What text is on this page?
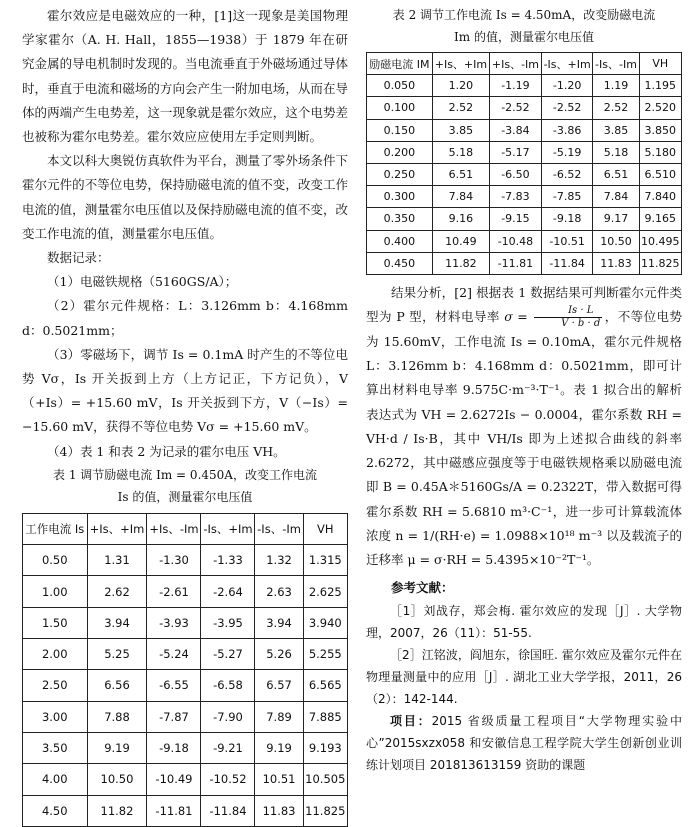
霍尔效应是电磁效应的一种，[1]这一现象是美国物理学家霍尔（A. H. Hall，1855—1938）于 1879 年在研究金属的导电机制时发现的。当电流垂直于外磁场通过导体时，垂直于电流和磁场的方向会产生一附加电场，从而在导体的两端产生电势差，这一现象就是霍尔效应，这个电势差也被称为霍尔电势差。霍尔效应应使用左手定则判断。

本文以科大奥锐仿真软件为平台，测量了零外场条件下霍尔元件的不等位电势，保持励磁电流的值不变，改变工作电流的值，测量霍尔电压值以及保持励磁电流的值不变，改变工作电流的值，测量霍尔电压值。

数据记录：

（1）电磁铁规格（5160GS/A）；

（2）霍尔元件规格：L：3.126mm b：4.168mm d：0.5021mm；

（3）零磁场下，调节 Is = 0.1mA 时产生的不等位电势 Vσ，Is 开关扳到上方（上方记正，下方记负），V（+Is）= +15.60 mV，Is 开关扳到下方，V（−Is）= −15.60 mV，获得不等位电势 Vσ = +15.60 mV。

（4）表 1 和表 2 为记录的霍尔电压 VH。

表 1 调节励磁电流 Im = 0.450A，改变工作电流

Is 的值，测量霍尔电压值

工作电流 Is	+Is、+Im	+Is、-Im	-Is、+Im	-Is、-Im	VH
0.50	1.31	-1.30	-1.33	1.32	1.315
1.00	2.62	-2.61	-2.64	2.63	2.625
1.50	3.94	-3.93	-3.95	3.94	3.940
2.00	5.25	-5.24	-5.27	5.26	5.255
2.50	6.56	-6.55	-6.58	6.57	6.565
3.00	7.88	-7.87	-7.90	7.89	7.885
3.50	9.19	-9.18	-9.21	9.19	9.193
4.00	10.50	-10.49	-10.52	10.51	10.505
4.50	11.82	-11.81	-11.84	11.83	11.825

表 2 调节工作电流 Is = 4.50mA，改变励磁电流

Im 的值，测量霍尔电压值

励磁电流 IM	+Is、+Im	+Is、-Im	-Is、+Im	-Is、-Im	VH
0.050	1.20	-1.19	-1.20	1.19	1.195
0.100	2.52	-2.52	-2.52	2.52	2.520
0.150	3.85	-3.84	-3.86	3.85	3.850
0.200	5.18	-5.17	-5.19	5.18	5.180
0.250	6.51	-6.50	-6.52	6.51	6.510
0.300	7.84	-7.83	-7.85	7.84	7.840
0.350	9.16	-9.15	-9.18	9.17	9.165
0.400	10.49	-10.48	-10.51	10.50	10.495
0.450	11.82	-11.81	-11.84	11.83	11.825

结果分析，[2] 根据表 1 数据结果可判断霍尔元件类型为 P 型，材料电导率 $\sigma = \frac{Is \cdot L}{V \cdot b \cdot d}$ ，不等位电势为 15.60mV，工作电流 Is = 0.10mA，霍尔元件规格 L：3.126mm b：4.168mm d：0.5021mm，即可计算出材料电导率 9.575C·m⁻³·T⁻¹。表 1 拟合出的解析表达式为 VH = 2.6272Is − 0.0004，霍尔系数 RH = VH·d / Is·B，其中 VH/Is 即为上述拟合曲线的斜率 2.6272，其中磁感应强度等于电磁铁规格乘以励磁电流即 B = 0.45A＊5160Gs/A = 0.2322T，带入数据可得霍尔系数 RH = 5.6810 m³·C⁻¹，进一步可计算载流体浓度 n = 1/(RH·e) = 1.0988×10¹⁸ m⁻³ 以及载流子的迁移率 μ = σ·RH = 5.4395×10⁻²T⁻¹。

参考文献：

［1］刘战存，郑会梅. 霍尔效应的发现［J］. 大学物理，2007，26（11）：51-55.

［2］江铭波，阎旭东，徐国旺. 霍尔效应及霍尔元件在物理量测量中的应用［J］. 湖北工业大学学报，2011，26（2）：142-144.

项目：2015 省级质量工程项目“大学物理实验中心”2015sxzx058 和安徽信息工程学院大学生创新创业训练计划项目 201813613159 资助的课题
